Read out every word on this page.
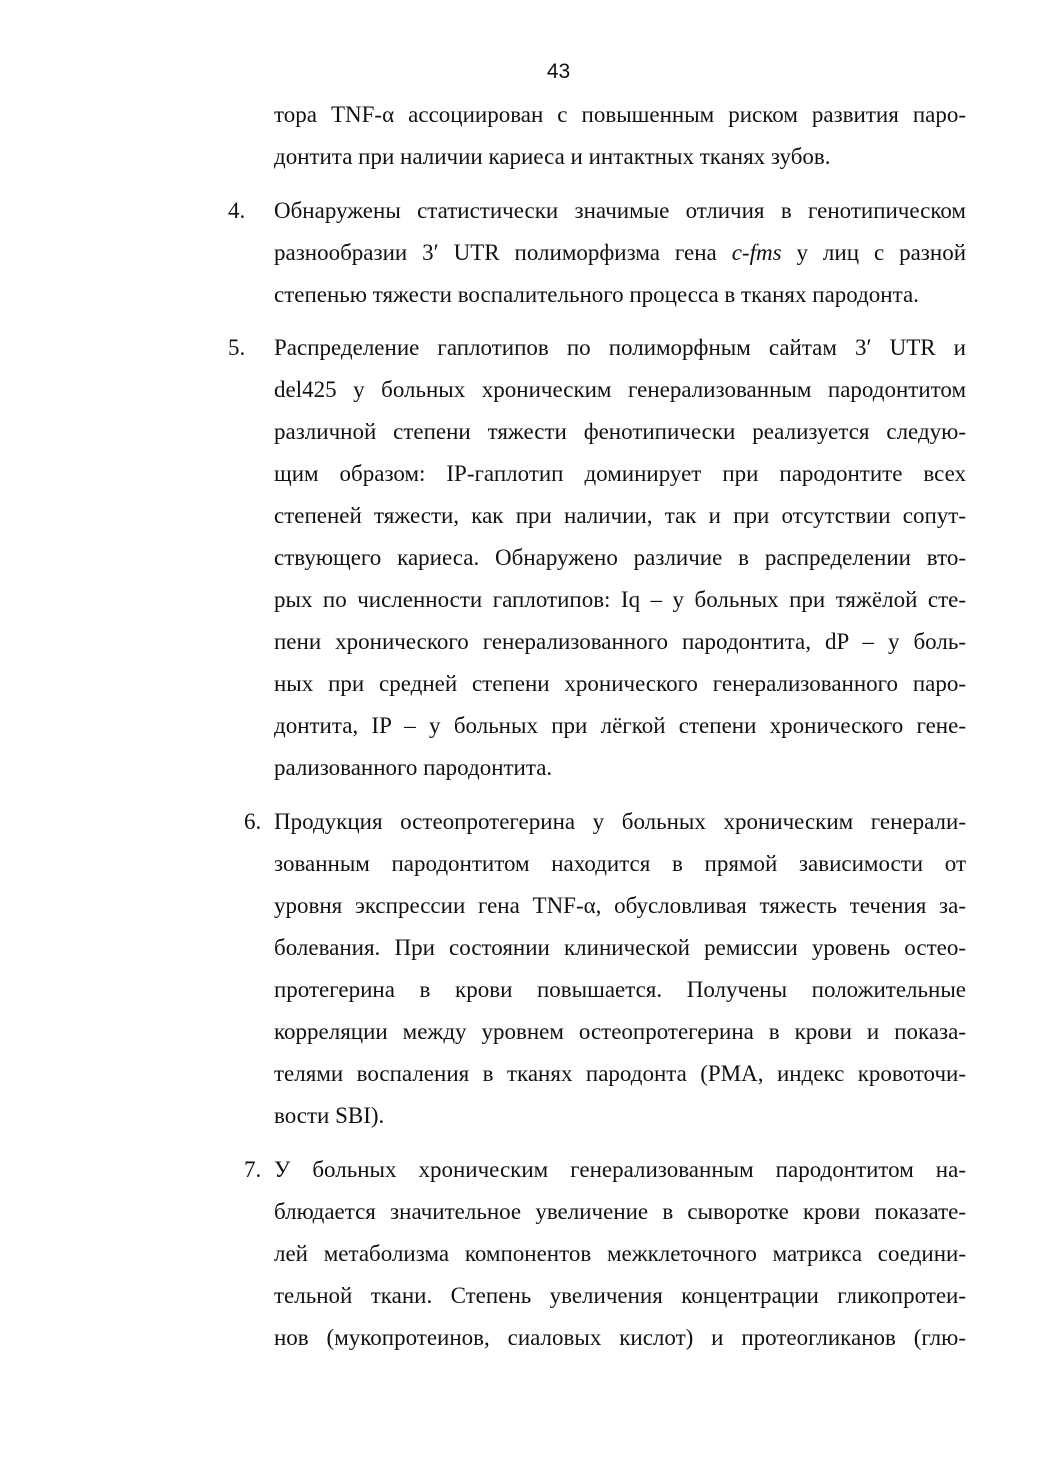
43
тора TNF-α ассоциирован с повышенным риском развития паро-
донтита при наличии кариеса и интактных тканях зубов.
4. Обнаружены статистически значимые отличия в генотипическом
разнообразии 3′ UTR полиморфизма гена c-fms у лиц с разной
степенью тяжести воспалительного процесса в тканях пародонта.
5. Распределение гаплотипов по полиморфным сайтам 3′ UTR и
del425 у больных хроническим генерализованным пародонтитом
различной степени тяжести фенотипически реализуется следую-
щим образом: IP-гаплотип доминирует при пародонтите всех
степеней тяжести, как при наличии, так и при отсутствии сопут-
ствующего кариеса. Обнаружено различие в распределении вто-
рых по численности гаплотипов: Iq – у больных при тяжёлой сте-
пени хронического генерализованного пародонтита, dP – у боль-
ных при средней степени хронического генерализованного паро-
донтита, IP – у больных при лёгкой степени хронического гене-
рализованного пародонтита.
6. Продукция остеопротегерина у больных хроническим генерали-
зованным пародонтитом находится в прямой зависимости от
уровня экспрессии гена TNF-α, обусловливая тяжесть течения за-
болевания. При состоянии клинической ремиссии уровень остео-
протегерина в крови повышается. Получены положительные
корреляции между уровнем остеопротегерина в крови и показа-
телями воспаления в тканях пародонта (PMA, индекс кровоточи-
вости SBI).
7. У больных хроническим генерализованным пародонтитом на-
блюдается значительное увеличение в сыворотке крови показате-
лей метаболизма компонентов межклеточного матрикса соедини-
тельной ткани. Степень увеличения концентрации гликопротеи-
нов (мукопротеинов, сиаловых кислот) и протеогликанов (глю-
